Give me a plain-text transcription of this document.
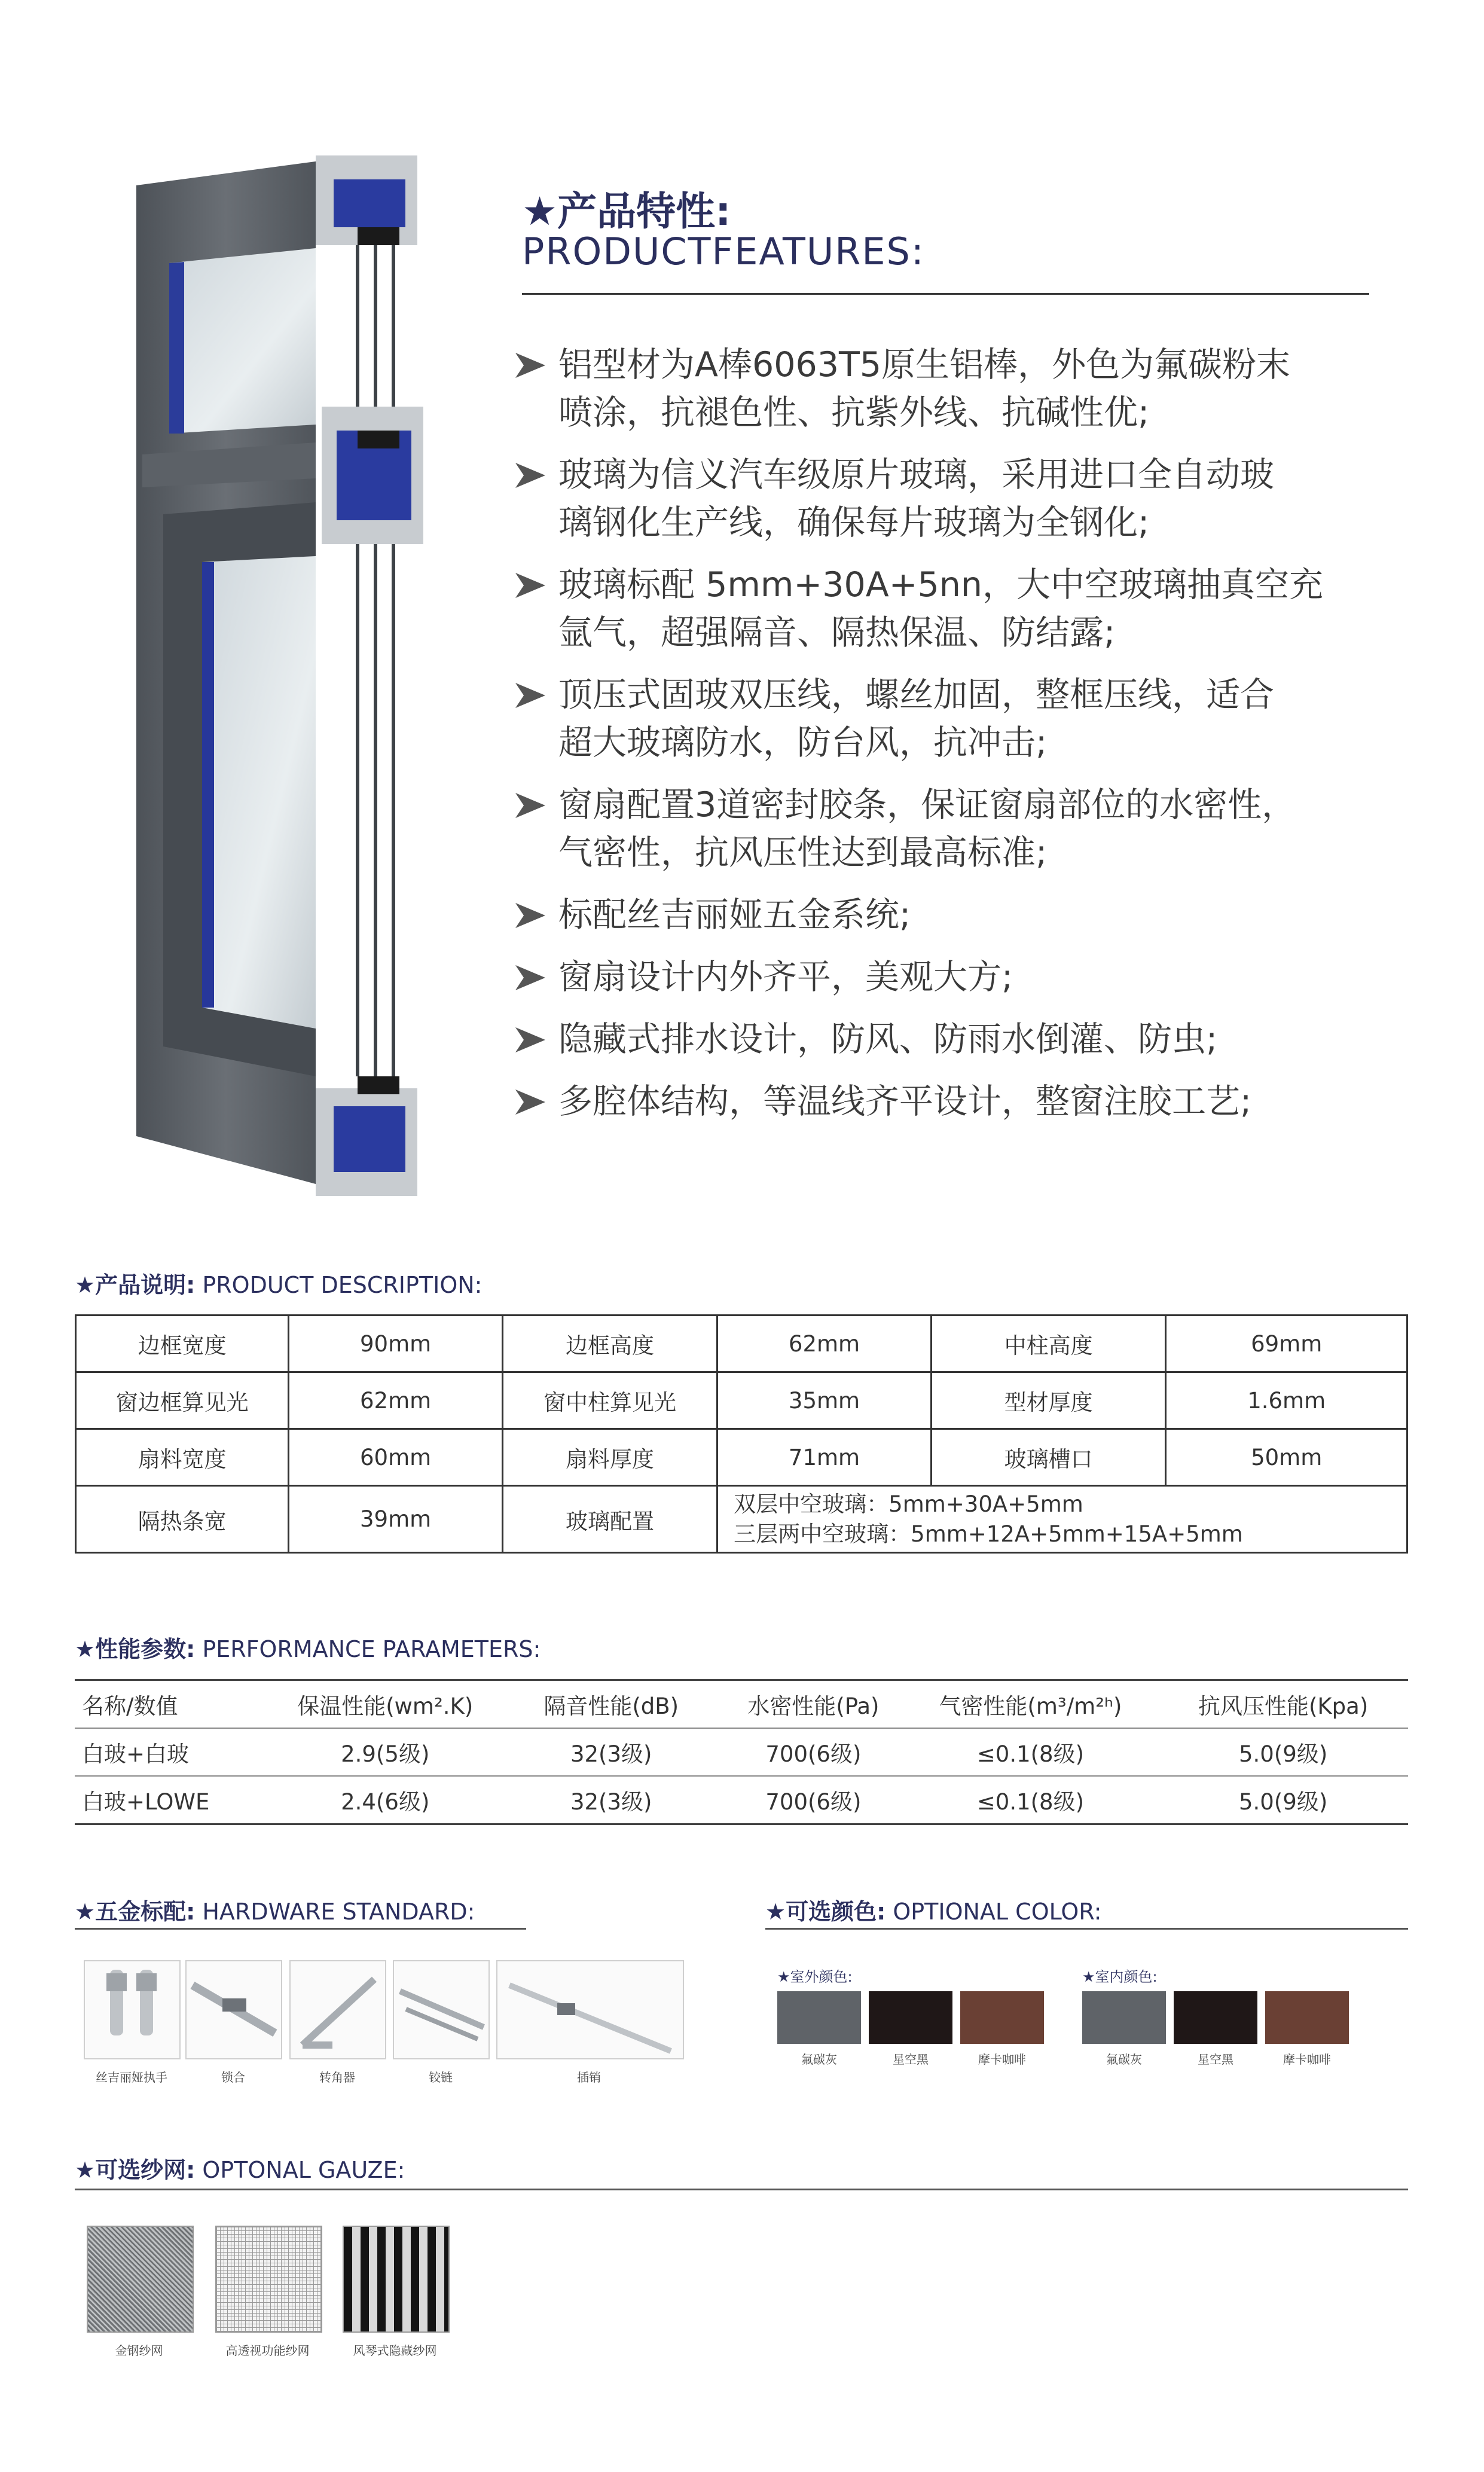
★产品特性:
PRODUCTFEATURES:
铝型材为A棒6063T5原生铝棒，外色为氟碳粉末
喷涂，抗褪色性、抗紫外线、抗碱性优;
玻璃为信义汽车级原片玻璃，采用进口全自动玻
璃钢化生产线，确保每片玻璃为全钢化;
玻璃标配 5mm+30A+5nn，大中空玻璃抽真空充
氩气，超强隔音、隔热保温、防结露;
顶压式固玻双压线，螺丝加固，整框压线，适合
超大玻璃防水，防台风，抗冲击;
窗扇配置3道密封胶条，保证窗扇部位的水密性，
气密性，抗风压性达到最高标准;
标配丝吉丽娅五金系统;
窗扇设计内外齐平，美观大方;
隐藏式排水设计，防风、防雨水倒灌、防虫;
多腔体结构，等温线齐平设计，整窗注胶工艺;
★产品说明: PRODUCT DESCRIPTION:
边框宽度	90mm	边框高度	62mm	中柱高度	69mm
窗边框算见光	62mm	窗中柱算见光	35mm	型材厚度	1.6mm
扇料宽度	60mm	扇料厚度	71mm	玻璃槽口	50mm
隔热条宽	39mm	玻璃配置	双层中空玻璃：5mm+30A+5mm
三层两中空玻璃：5mm+12A+5mm+15A+5mm		
★性能参数: PERFORMANCE PARAMETERS:
名称/数值	保温性能(wm².K)	隔音性能(dB)	水密性能(Pa)	气密性能(m³/m²ʰ)	抗风压性能(Kpa)
白玻+白玻	2.9(5级)	32(3级)	700(6级)	≤0.1(8级)	5.0(9级)
白玻+LOWE	2.4(6级)	32(3级)	700(6级)	≤0.1(8级)	5.0(9级)
★五金标配: HARDWARE STANDARD:
丝吉丽娅执手	锁合	转角器	铰链	插销
★可选颜色: OPTIONAL COLOR:
★室外颜色:
氟碳灰	星空黑	摩卡咖啡
★室内颜色:
氟碳灰	星空黑	摩卡咖啡
★可选纱网: OPTONAL GAUZE:
金钢纱网	高透视功能纱网	风琴式隐藏纱网
